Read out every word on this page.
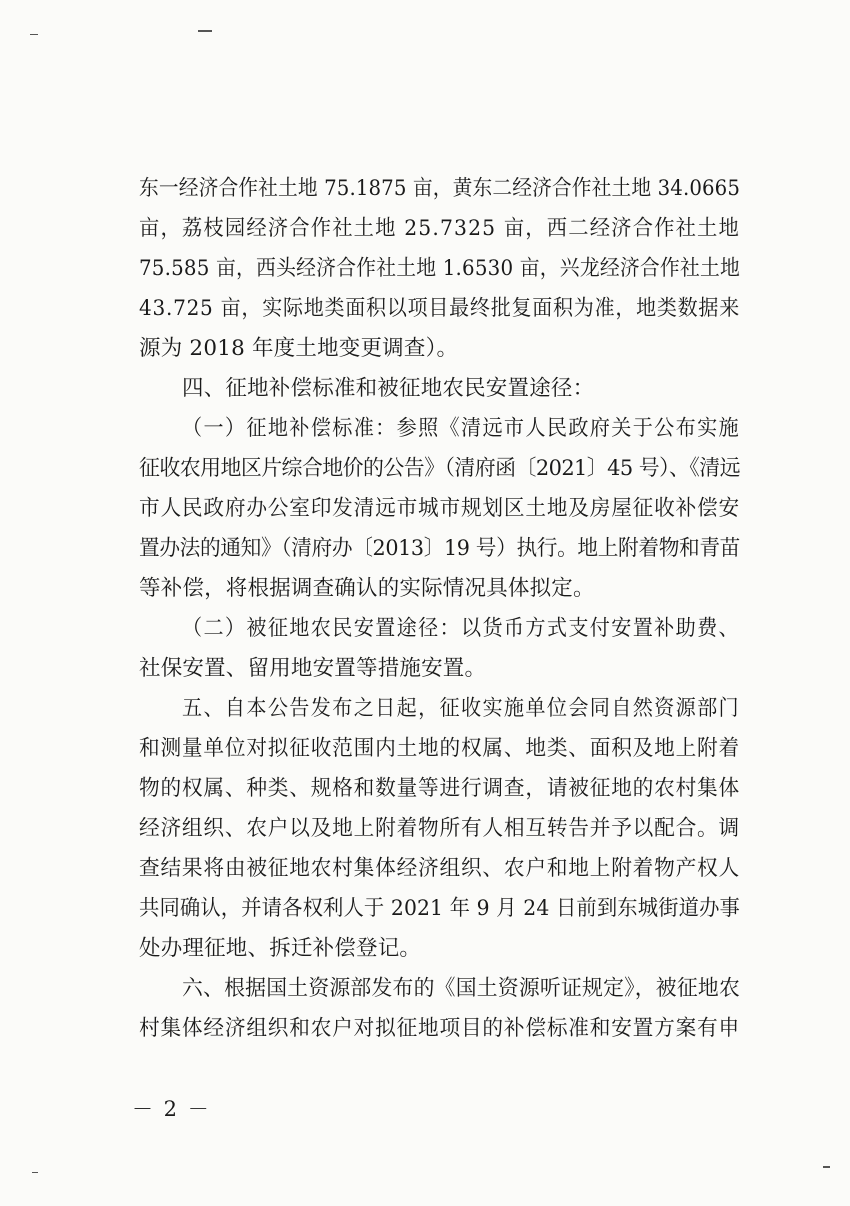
东一经济合作社土地 75.1875 亩，黄东二经济合作社土地 34.0665
亩，荔枝园经济合作社土地 25.7325 亩，西二经济合作社土地
75.585 亩，西头经济合作社土地 1.6530 亩，兴龙经济合作社土地
43.725 亩，实际地类面积以项目最终批复面积为准，地类数据来
源为 2018 年度土地变更调查）。
四、征地补偿标准和被征地农民安置途径：
（一）征地补偿标准：参照《清远市人民政府关于公布实施
征收农用地区片综合地价的公告》（清府函〔2021〕45 号）、《清远
市人民政府办公室印发清远市城市规划区土地及房屋征收补偿安
置办法的通知》（清府办〔2013〕19 号）执行。地上附着物和青苗
等补偿，将根据调查确认的实际情况具体拟定。
（二）被征地农民安置途径：以货币方式支付安置补助费、
社保安置、留用地安置等措施安置。
五、自本公告发布之日起，征收实施单位会同自然资源部门
和测量单位对拟征收范围内土地的权属、地类、面积及地上附着
物的权属、种类、规格和数量等进行调查，请被征地的农村集体
经济组织、农户以及地上附着物所有人相互转告并予以配合。调
查结果将由被征地农村集体经济组织、农户和地上附着物产权人
共同确认，并请各权利人于 2021 年 9 月 24 日前到东城街道办事
处办理征地、拆迁补偿登记。
六、根据国土资源部发布的《国土资源听证规定》，被征地农
村集体经济组织和农户对拟征地项目的补偿标准和安置方案有申
－ 2 －
